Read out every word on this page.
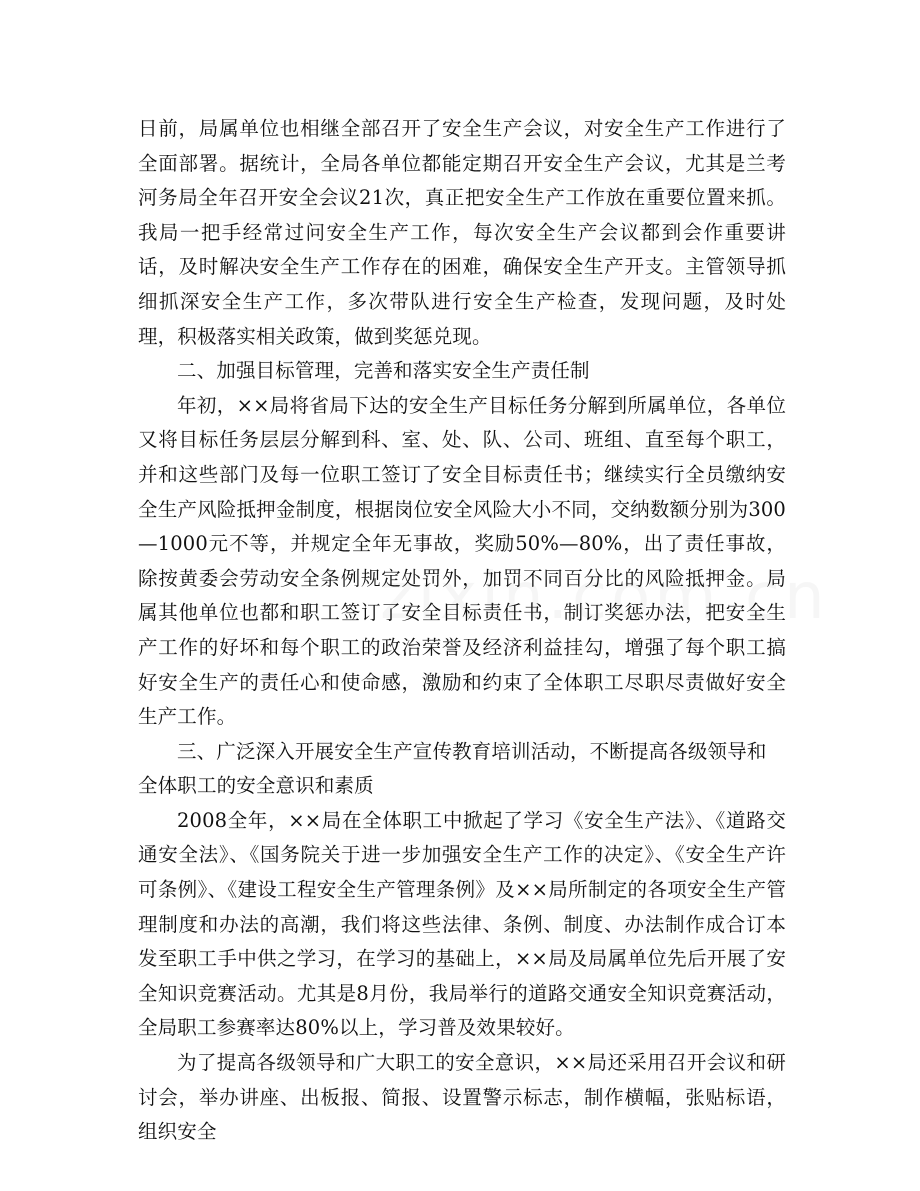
日前，局属单位也相继全部召开了安全生产会议，对安全生产工作进行了全面部署。据统计，全局各单位都能定期召开安全生产会议，尤其是兰考河务局全年召开安全会议21次，真正把安全生产工作放在重要位置来抓。我局一把手经常过问安全生产工作，每次安全生产会议都到会作重要讲话，及时解决安全生产工作存在的困难，确保安全生产开支。主管领导抓细抓深安全生产工作，多次带队进行安全生产检查，发现问题，及时处理，积极落实相关政策，做到奖惩兑现。

二、加强目标管理，完善和落实安全生产责任制

年初，××局将省局下达的安全生产目标任务分解到所属单位，各单位又将目标任务层层分解到科、室、处、队、公司、班组、直至每个职工，并和这些部门及每一位职工签订了安全目标责任书；继续实行全员缴纳安全生产风险抵押金制度，根据岗位安全风险大小不同，交纳数额分别为300—1000元不等，并规定全年无事故，奖励50%—80%，出了责任事故，除按黄委会劳动安全条例规定处罚外，加罚不同百分比的风险抵押金。局属其他单位也都和职工签订了安全目标责任书，制订奖惩办法，把安全生产工作的好坏和每个职工的政治荣誉及经济利益挂勾，增强了每个职工搞好安全生产的责任心和使命感，激励和约束了全体职工尽职尽责做好安全生产工作。

三、广泛深入开展安全生产宣传教育培训活动，不断提高各级领导和全体职工的安全意识和素质

2008全年，××局在全体职工中掀起了学习《安全生产法》、《道路交通安全法》、《国务院关于进一步加强安全生产工作的决定》、《安全生产许可条例》、《建设工程安全生产管理条例》及××局所制定的各项安全生产管理制度和办法的高潮，我们将这些法律、条例、制度、办法制作成合订本发至职工手中供之学习，在学习的基础上，××局及局属单位先后开展了安全知识竞赛活动。尤其是8月份，我局举行的道路交通安全知识竞赛活动，全局职工参赛率达80%以上，学习普及效果较好。

为了提高各级领导和广大职工的安全意识，××局还采用召开会议和研讨会，举办讲座、出板报、简报、设置警示标志，制作横幅，张贴标语，组织安全
